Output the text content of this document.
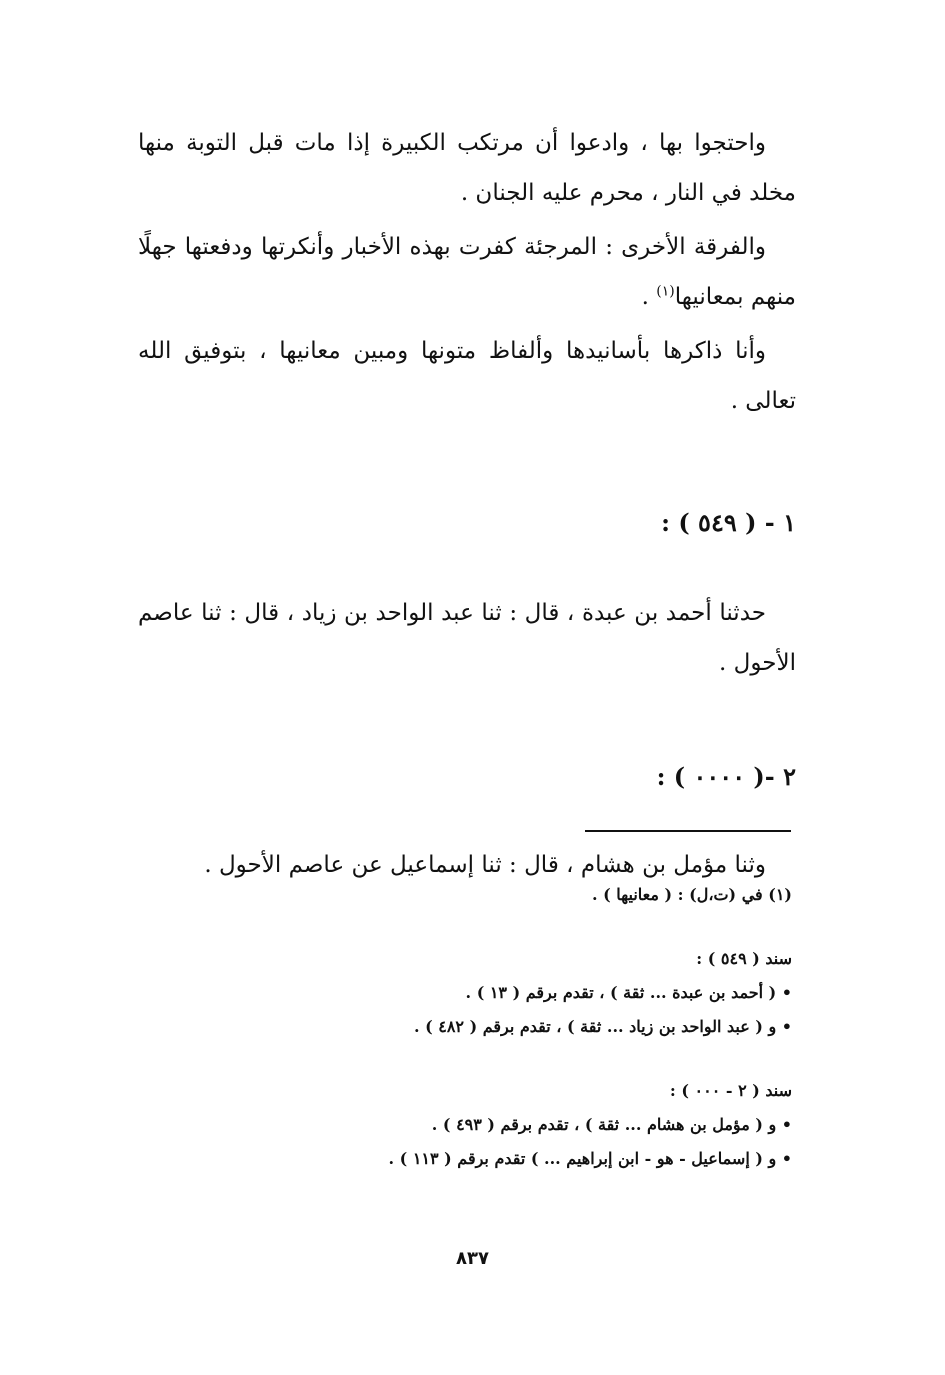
واحتجوا بها ، وادعوا أن مرتكب الكبيرة إذا مات قبل التوبة منها مخلد في النار ، محرم عليه الجنان .

والفرقة الأخرى : المرجئة كفرت بهذه الأخبار وأنكرتها ودفعتها جهلًا منهم بمعانيها$^{(١)}$ .

وأنا ذاكرها بأسانيدها وألفاظ متونها ومبين معانيها ، بتوفيق الله تعالى .

١ - ( ٥٤٩ ) :

حدثنا أحمد بن عبدة ، قال : ثنا عبد الواحد بن زياد ، قال : ثنا عاصم الأحول .

٢ -( ٠٠٠٠ ) :

وثنا مؤمل بن هشام ، قال : ثنا إسماعيل عن عاصم الأحول .

(١) في (ت،ل) : ( معانيها ) .

سند ( ٥٤٩ ) :

• ( أحمد بن عبدة ... ثقة ) ، تقدم برقم ( ١٣ ) .

• و ( عبد الواحد بن زياد ... ثقة ) ، تقدم برقم ( ٤٨٢ ) .

سند ( ٢ - ٠٠٠ ) :

• و ( مؤمل بن هشام ... ثقة ) ، تقدم برقم ( ٤٩٣ ) .

• و ( إسماعيل - هو - ابن إبراهيم ... ) تقدم برقم ( ١١٣ ) .

٨٣٧
